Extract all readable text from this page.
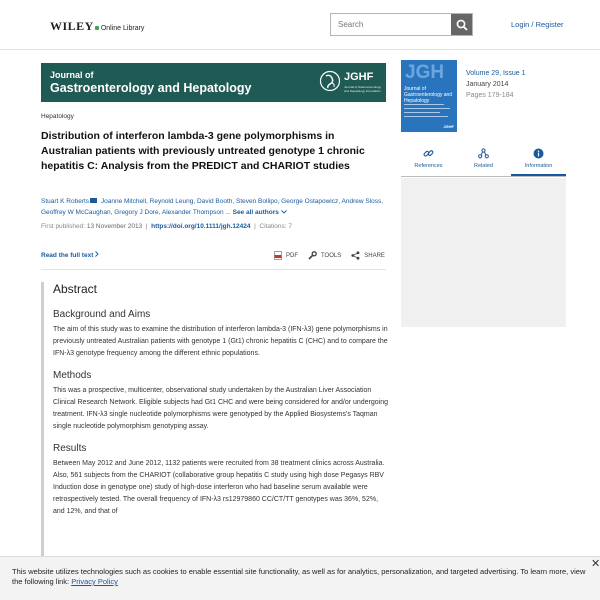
WILEY Online Library
Search	Login / Register
Journal of
Gastroenterology and Hepatology
JGHF
Journal of Gastroenterology and Hepatology Foundation
Hepatology
Distribution of interferon lambda-3 gene polymorphisms in Australian patients with previously untreated genotype 1 chronic hepatitis C: Analysis from the PREDICT and CHARIOT studies
Stuart K Roberts Joanne Mitchell, Reynold Leung, David Booth, Steven Bollipo, George Ostapowicz, Andrew Sloss, Geoffrey W McCaughan, Gregory J Dore, Alexander Thompson ... See all authors
First published: 13 November 2013  |  https://doi.org/10.1111/jgh.12424  |  Citations: 7
Read the full text	PDF	TOOLS	SHARE
Abstract
Background and Aims
The aim of this study was to examine the distribution of interferon lambda-3 (IFN-λ3) gene polymorphisms in previously untreated Australian patients with genotype 1 (Gt1) chronic hepatitis C (CHC) and to compare the IFN-λ3 genotype frequency among the different ethnic populations.
Methods
This was a prospective, multicenter, observational study undertaken by the Australian Liver Association Clinical Research Network. Eligible subjects had Gt1 CHC and were being considered for and/or undergoing treatment. IFN-λ3 single nucleotide polymorphisms were genotyped by the Applied Biosystems's Taqman single nucleotide polymorphism genotyping assay.
Results
Between May 2012 and June 2012, 1132 patients were recruited from 38 treatment clinics across Australia. Also, 561 subjects from the CHARIOT (collaborative group hepatitis C study using high dose Pegasys RBV Induction dose in genotype one) study of high-dose interferon who had baseline serum available were retrospectively tested. The overall frequency of IFN-λ3 rs12979860 CC/CT/TT genotypes was 36%, 52%, and 12%, and that of
JGH
Journal of Gastroenterology and Hepatology
JGHF
Volume 29, Issue 1
January 2014
Pages 179-184
References	Related	Information
This website utilizes technologies such as cookies to enable essential site functionality, as well as for analytics, personalization, and targeted advertising. To learn more, view the following link: Privacy Policy
✕
